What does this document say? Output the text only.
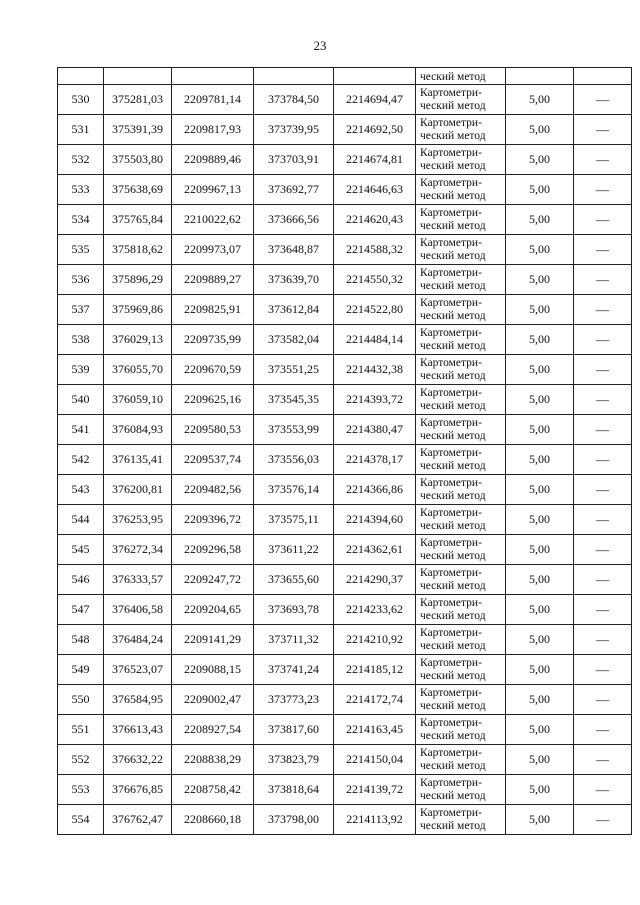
23
					ческий метод		
530	375281,03	2209781,14	373784,50	2214694,47	Картометри-
ческий метод	5,00	—
531	375391,39	2209817,93	373739,95	2214692,50	Картометри-
ческий метод	5,00	—
532	375503,80	2209889,46	373703,91	2214674,81	Картометри-
ческий метод	5,00	—
533	375638,69	2209967,13	373692,77	2214646,63	Картометри-
ческий метод	5,00	—
534	375765,84	2210022,62	373666,56	2214620,43	Картометри-
ческий метод	5,00	—
535	375818,62	2209973,07	373648,87	2214588,32	Картометри-
ческий метод	5,00	—
536	375896,29	2209889,27	373639,70	2214550,32	Картометри-
ческий метод	5,00	—
537	375969,86	2209825,91	373612,84	2214522,80	Картометри-
ческий метод	5,00	—
538	376029,13	2209735,99	373582,04	2214484,14	Картометри-
ческий метод	5,00	—
539	376055,70	2209670,59	373551,25	2214432,38	Картометри-
ческий метод	5,00	—
540	376059,10	2209625,16	373545,35	2214393,72	Картометри-
ческий метод	5,00	—
541	376084,93	2209580,53	373553,99	2214380,47	Картометри-
ческий метод	5,00	—
542	376135,41	2209537,74	373556,03	2214378,17	Картометри-
ческий метод	5,00	—
543	376200,81	2209482,56	373576,14	2214366,86	Картометри-
ческий метод	5,00	—
544	376253,95	2209396,72	373575,11	2214394,60	Картометри-
ческий метод	5,00	—
545	376272,34	2209296,58	373611,22	2214362,61	Картометри-
ческий метод	5,00	—
546	376333,57	2209247,72	373655,60	2214290,37	Картометри-
ческий метод	5,00	—
547	376406,58	2209204,65	373693,78	2214233,62	Картометри-
ческий метод	5,00	—
548	376484,24	2209141,29	373711,32	2214210,92	Картометри-
ческий метод	5,00	—
549	376523,07	2209088,15	373741,24	2214185,12	Картометри-
ческий метод	5,00	—
550	376584,95	2209002,47	373773,23	2214172,74	Картометри-
ческий метод	5,00	—
551	376613,43	2208927,54	373817,60	2214163,45	Картометри-
ческий метод	5,00	—
552	376632,22	2208838,29	373823,79	2214150,04	Картометри-
ческий метод	5,00	—
553	376676,85	2208758,42	373818,64	2214139,72	Картометри-
ческий метод	5,00	—
554	376762,47	2208660,18	373798,00	2214113,92	Картометри-
ческий метод	5,00	—
